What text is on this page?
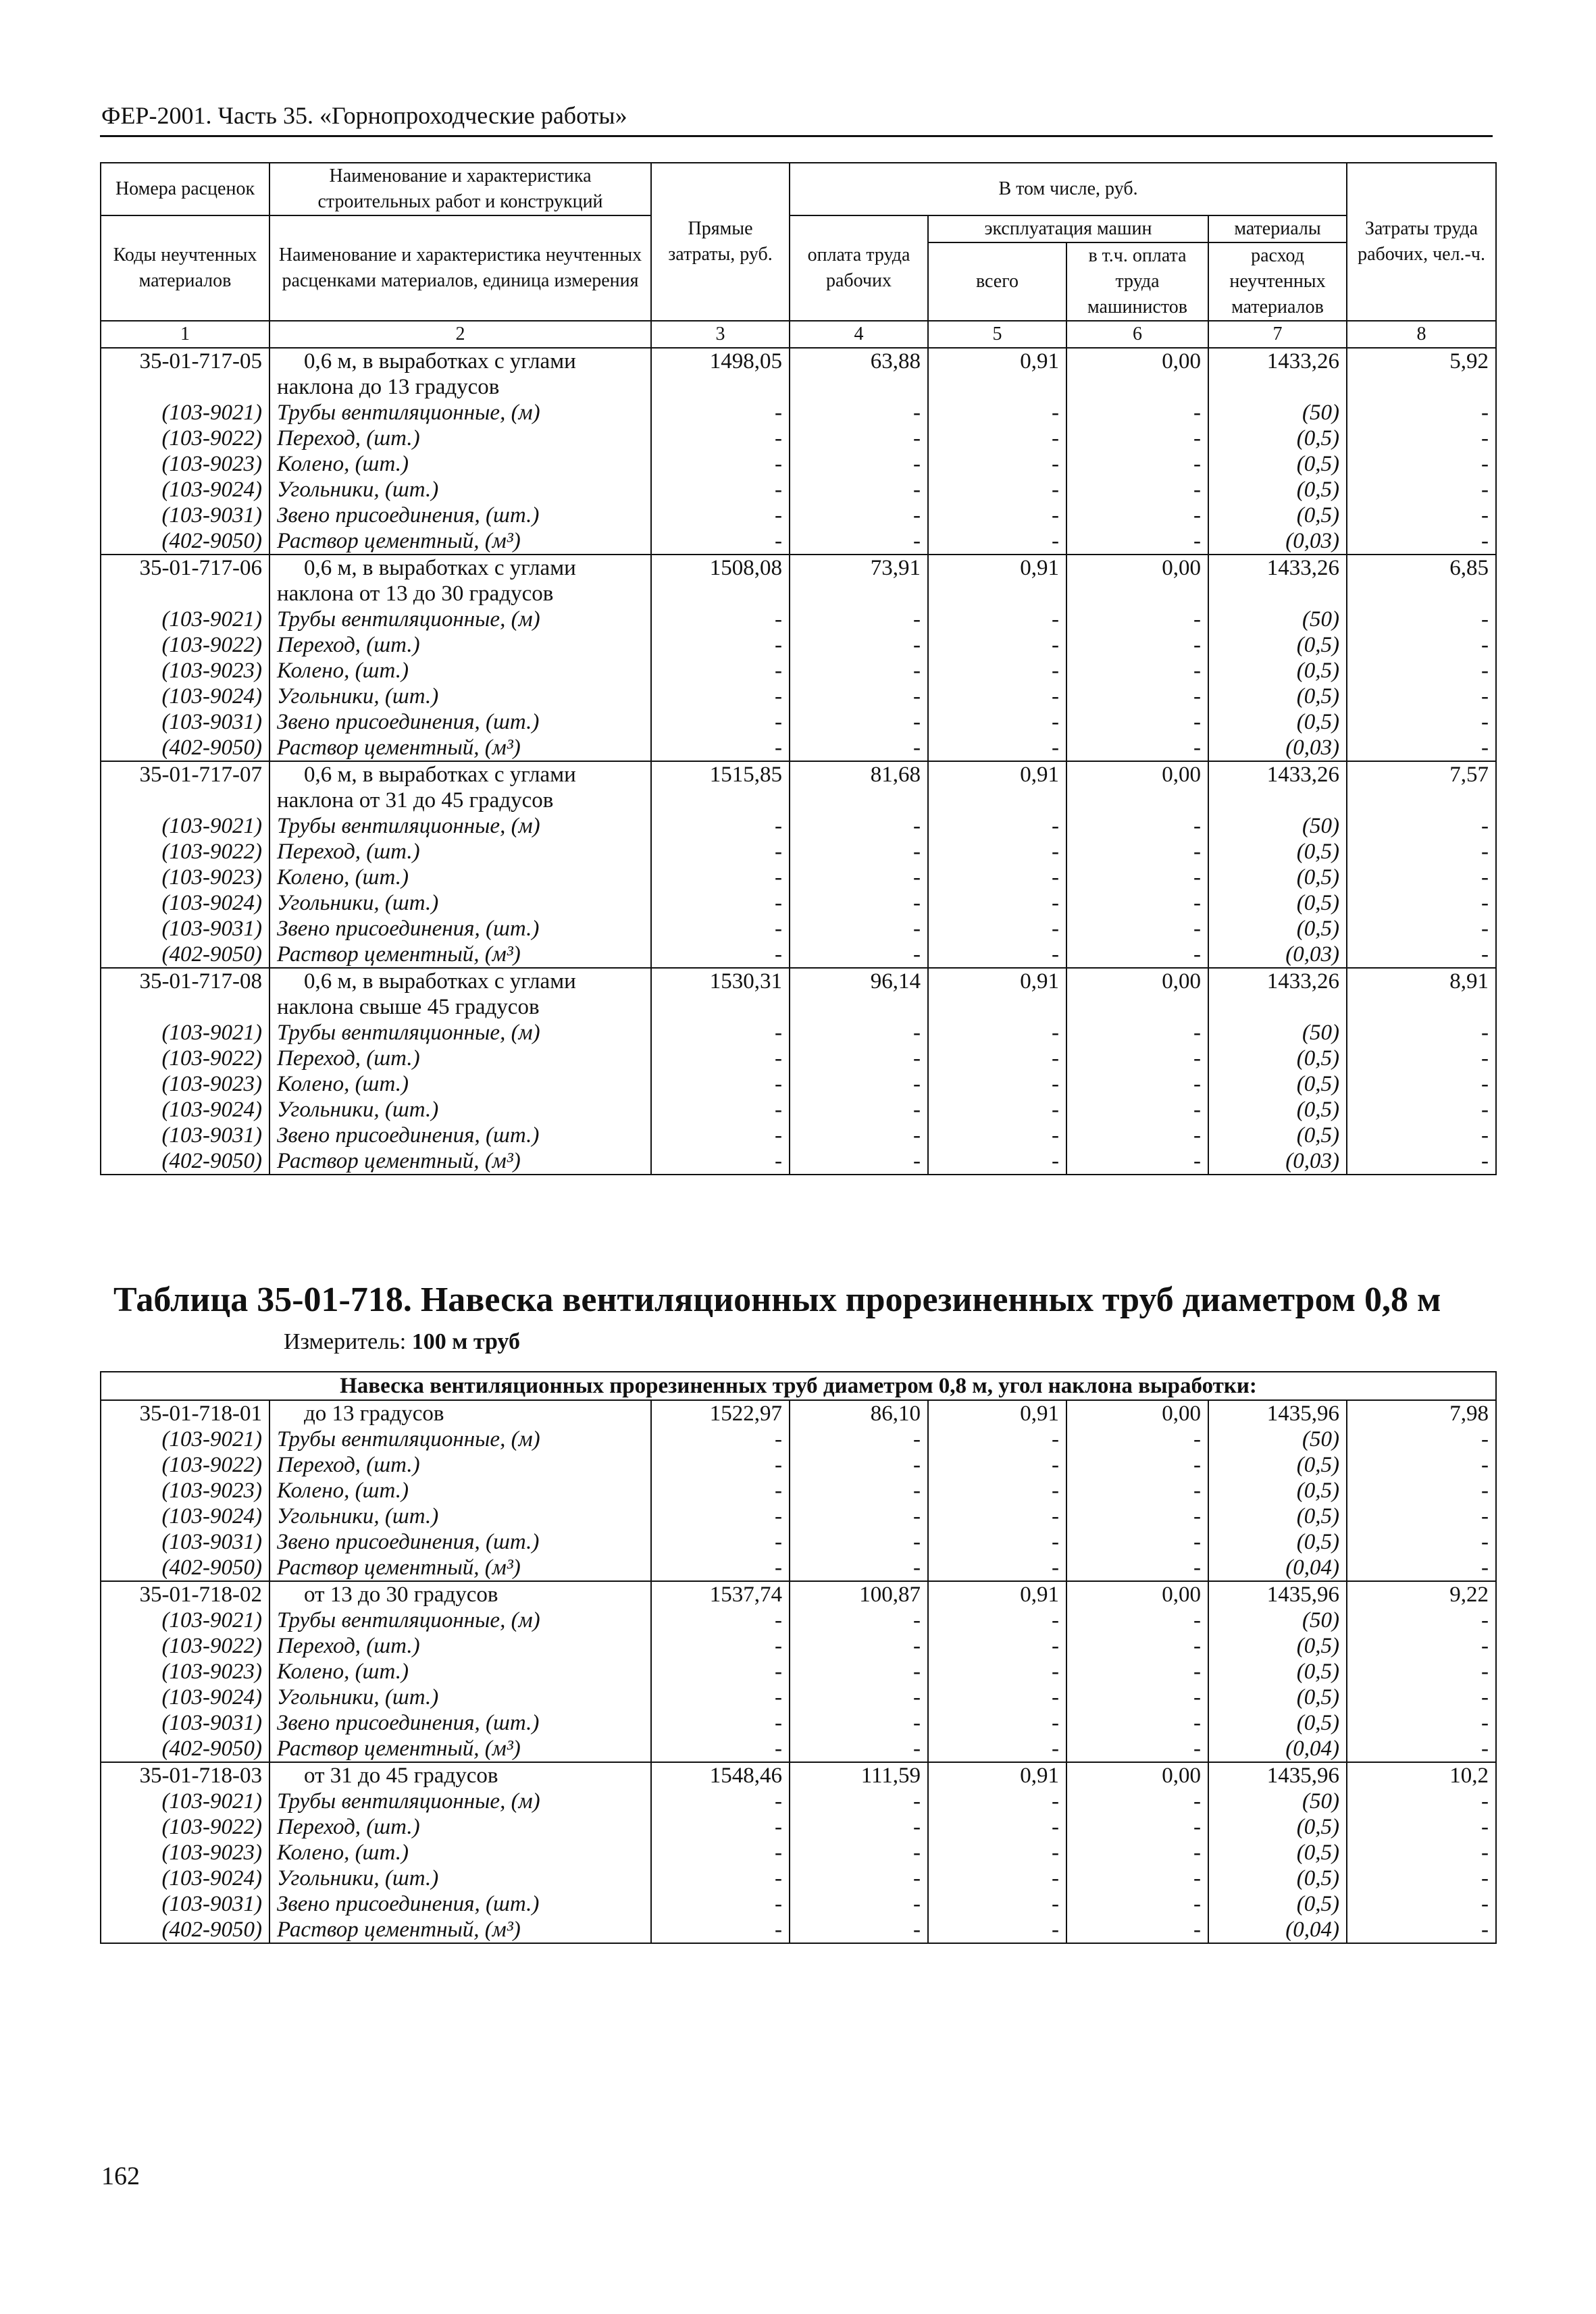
ФЕР-2001. Часть 35. «Горнопроходческие работы»
Номера расценок	Наименование и характеристика строительных работ и конструкций	Прямые затраты, руб.	В том числе, руб.				Затраты труда рабочих, чел.-ч.
Коды неучтенных материалов	Наименование и характеристика неучтенных расценками материалов, единица измерения		оплата труда рабочих	эксплуатация машин		материалы	
				всего	в т.ч. оплата труда машинистов	расход неучтенных материалов	
1	2	3	4	5	6	7	8
35-01-717-05	0,6 м, в выработках с углами	1498,05	63,88	0,91	0,00	1433,26	5,92
	наклона до 13 градусов						
(103-9021)	Трубы вентиляционные, (м)	-	-	-	-	(50)	-
(103-9022)	Переход, (шт.)	-	-	-	-	(0,5)	-
(103-9023)	Колено, (шт.)	-	-	-	-	(0,5)	-
(103-9024)	Угольники, (шт.)	-	-	-	-	(0,5)	-
(103-9031)	Звено присоединения, (шт.)	-	-	-	-	(0,5)	-
(402-9050)	Раствор цементный, (м³)	-	-	-	-	(0,03)	-
35-01-717-06	0,6 м, в выработках с углами	1508,08	73,91	0,91	0,00	1433,26	6,85
	наклона от 13 до 30 градусов						
(103-9021)	Трубы вентиляционные, (м)	-	-	-	-	(50)	-
(103-9022)	Переход, (шт.)	-	-	-	-	(0,5)	-
(103-9023)	Колено, (шт.)	-	-	-	-	(0,5)	-
(103-9024)	Угольники, (шт.)	-	-	-	-	(0,5)	-
(103-9031)	Звено присоединения, (шт.)	-	-	-	-	(0,5)	-
(402-9050)	Раствор цементный, (м³)	-	-	-	-	(0,03)	-
35-01-717-07	0,6 м, в выработках с углами	1515,85	81,68	0,91	0,00	1433,26	7,57
	наклона от 31 до 45 градусов						
(103-9021)	Трубы вентиляционные, (м)	-	-	-	-	(50)	-
(103-9022)	Переход, (шт.)	-	-	-	-	(0,5)	-
(103-9023)	Колено, (шт.)	-	-	-	-	(0,5)	-
(103-9024)	Угольники, (шт.)	-	-	-	-	(0,5)	-
(103-9031)	Звено присоединения, (шт.)	-	-	-	-	(0,5)	-
(402-9050)	Раствор цементный, (м³)	-	-	-	-	(0,03)	-
35-01-717-08	0,6 м, в выработках с углами	1530,31	96,14	0,91	0,00	1433,26	8,91
	наклона свыше 45 градусов						
(103-9021)	Трубы вентиляционные, (м)	-	-	-	-	(50)	-
(103-9022)	Переход, (шт.)	-	-	-	-	(0,5)	-
(103-9023)	Колено, (шт.)	-	-	-	-	(0,5)	-
(103-9024)	Угольники, (шт.)	-	-	-	-	(0,5)	-
(103-9031)	Звено присоединения, (шт.)	-	-	-	-	(0,5)	-
(402-9050)	Раствор цементный, (м³)	-	-	-	-	(0,03)	-
Таблица 35-01-718. Навеска вентиляционных прорезиненных труб диаметром 0,8 м
Измеритель: 100 м труб
Навеска вентиляционных прорезиненных труб диаметром 0,8 м, угол наклона выработки:							
35-01-718-01	до 13 градусов	1522,97	86,10	0,91	0,00	1435,96	7,98
(103-9021)	Трубы вентиляционные, (м)	-	-	-	-	(50)	-
(103-9022)	Переход, (шт.)	-	-	-	-	(0,5)	-
(103-9023)	Колено, (шт.)	-	-	-	-	(0,5)	-
(103-9024)	Угольники, (шт.)	-	-	-	-	(0,5)	-
(103-9031)	Звено присоединения, (шт.)	-	-	-	-	(0,5)	-
(402-9050)	Раствор цементный, (м³)	-	-	-	-	(0,04)	-
35-01-718-02	от 13 до 30 градусов	1537,74	100,87	0,91	0,00	1435,96	9,22
(103-9021)	Трубы вентиляционные, (м)	-	-	-	-	(50)	-
(103-9022)	Переход, (шт.)	-	-	-	-	(0,5)	-
(103-9023)	Колено, (шт.)	-	-	-	-	(0,5)	-
(103-9024)	Угольники, (шт.)	-	-	-	-	(0,5)	-
(103-9031)	Звено присоединения, (шт.)	-	-	-	-	(0,5)	-
(402-9050)	Раствор цементный, (м³)	-	-	-	-	(0,04)	-
35-01-718-03	от 31 до 45 градусов	1548,46	111,59	0,91	0,00	1435,96	10,2
(103-9021)	Трубы вентиляционные, (м)	-	-	-	-	(50)	-
(103-9022)	Переход, (шт.)	-	-	-	-	(0,5)	-
(103-9023)	Колено, (шт.)	-	-	-	-	(0,5)	-
(103-9024)	Угольники, (шт.)	-	-	-	-	(0,5)	-
(103-9031)	Звено присоединения, (шт.)	-	-	-	-	(0,5)	-
(402-9050)	Раствор цементный, (м³)	-	-	-	-	(0,04)	-
162
